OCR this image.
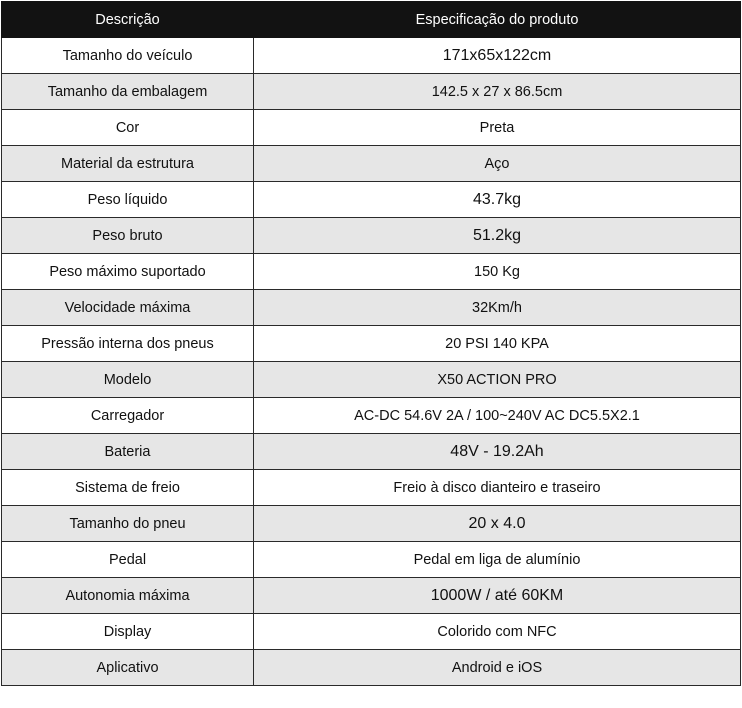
Descrição	Especificação do produto
Tamanho do veículo	171x65x122cm
Tamanho da embalagem	142.5 x 27 x 86.5cm
Cor	Preta
Material da estrutura	Aço
Peso líquido	43.7kg
Peso bruto	51.2kg
Peso máximo suportado	150 Kg
Velocidade máxima	32Km/h
Pressão interna dos pneus	20 PSI 140 KPA
Modelo	X50 ACTION PRO
Carregador	AC-DC 54.6V 2A / 100~240V AC DC5.5X2.1
Bateria	48V - 19.2Ah
Sistema de freio	Freio à disco dianteiro e traseiro
Tamanho do pneu	20 x 4.0
Pedal	Pedal em liga de alumínio
Autonomia máxima	1000W / até 60KM
Display	Colorido com NFC
Aplicativo	Android e iOS
